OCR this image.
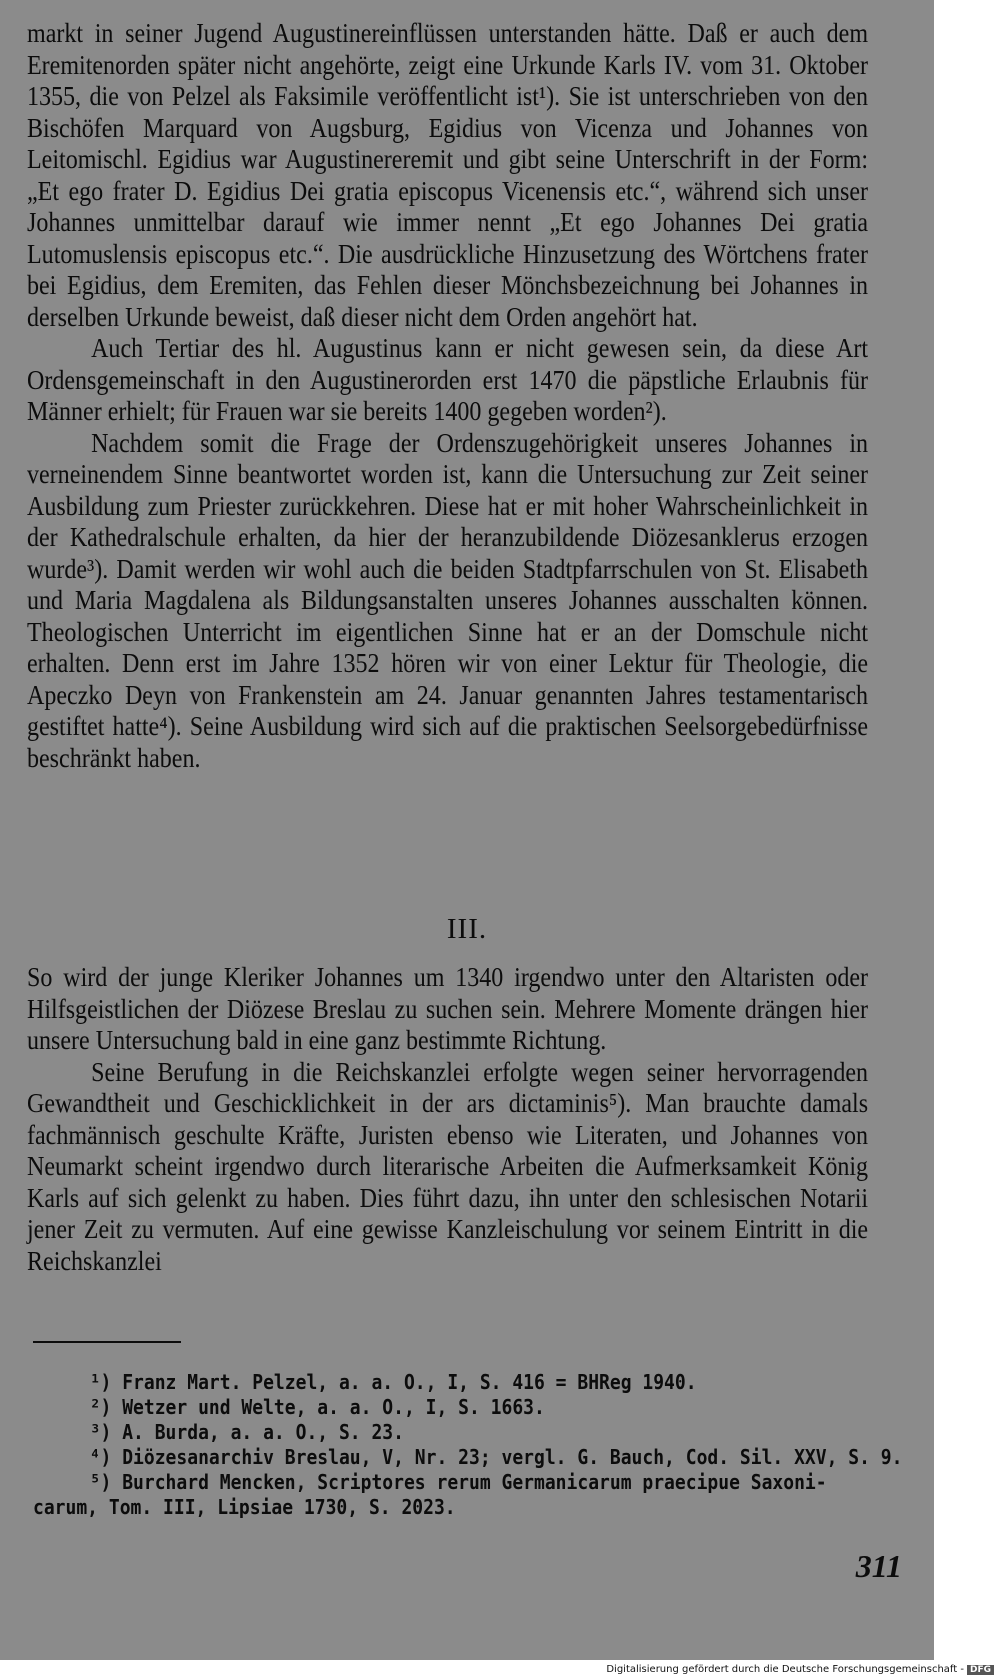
markt in seiner Jugend Augustinereinflüssen unterstanden hätte. Daß er auch dem Eremitenorden später nicht angehörte, zeigt eine Urkunde Karls IV. vom 31. Oktober 1355, die von Pelzel als Faksimile veröffentlicht ist¹). Sie ist unterschrieben von den Bischöfen Marquard von Augsburg, Egidius von Vicenza und Johannes von Leitomischl. Egidius war Augustinereremit und gibt seine Unterschrift in der Form: „Et ego frater D. Egidius Dei gratia episcopus Vicenensis etc.“, während sich unser Johannes unmittelbar darauf wie immer nennt „Et ego Johannes Dei gratia Lutomuslensis episcopus etc.“. Die ausdrückliche Hinzusetzung des Wörtchens frater bei Egidius, dem Eremiten, das Fehlen dieser Mönchsbezeichnung bei Johannes in derselben Urkunde beweist, daß dieser nicht dem Orden angehört hat.

Auch Tertiar des hl. Augustinus kann er nicht gewesen sein, da diese Art Ordensgemeinschaft in den Augustinerorden erst 1470 die päpstliche Erlaubnis für Männer erhielt; für Frauen war sie bereits 1400 gegeben worden²).

Nachdem somit die Frage der Ordenszugehörigkeit unseres Johannes in verneinendem Sinne beantwortet worden ist, kann die Untersuchung zur Zeit seiner Ausbildung zum Priester zurückkehren. Diese hat er mit hoher Wahrscheinlichkeit in der Kathedralschule erhalten, da hier der heranzubildende Diözesanklerus erzogen wurde³). Damit werden wir wohl auch die beiden Stadtpfarrschulen von St. Elisabeth und Maria Magdalena als Bildungsanstalten unseres Johannes ausschalten können. Theologischen Unterricht im eigentlichen Sinne hat er an der Domschule nicht erhalten. Denn erst im Jahre 1352 hören wir von einer Lektur für Theologie, die Apeczko Deyn von Frankenstein am 24. Januar genannten Jahres testamentarisch gestiftet hatte⁴). Seine Ausbildung wird sich auf die praktischen Seelsorgebedürfnisse beschränkt haben.

III.

So wird der junge Kleriker Johannes um 1340 irgendwo unter den Altaristen oder Hilfsgeistlichen der Diözese Breslau zu suchen sein. Mehrere Momente drängen hier unsere Untersuchung bald in eine ganz bestimmte Richtung.

Seine Berufung in die Reichskanzlei erfolgte wegen seiner hervorragenden Gewandtheit und Geschicklichkeit in der ars dictaminis⁵). Man brauchte damals fachmännisch geschulte Kräfte, Juristen ebenso wie Literaten, und Johannes von Neumarkt scheint irgendwo durch literarische Arbeiten die Aufmerksamkeit König Karls auf sich gelenkt zu haben. Dies führt dazu, ihn unter den schlesischen Notarii jener Zeit zu vermuten. Auf eine gewisse Kanzleischulung vor seinem Eintritt in die Reichskanzlei

¹) Franz Mart. Pelzel, a. a. O., I, S. 416 = BHReg 1940.
²) Wetzer und Welte, a. a. O., I, S. 1663.
³) A. Burda, a. a. O., S. 23.
⁴) Diözesanarchiv Breslau, V, Nr. 23; vergl. G. Bauch, Cod. Sil. XXV, S. 9.
⁵) Burchard Mencken, Scriptores rerum Germanicarum praecipue Saxoni-
carum, Tom. III, Lipsiae 1730, S. 2023.
311
Digitalisierung gefördert durch die Deutsche Forschungsgemeinschaft - DFG
